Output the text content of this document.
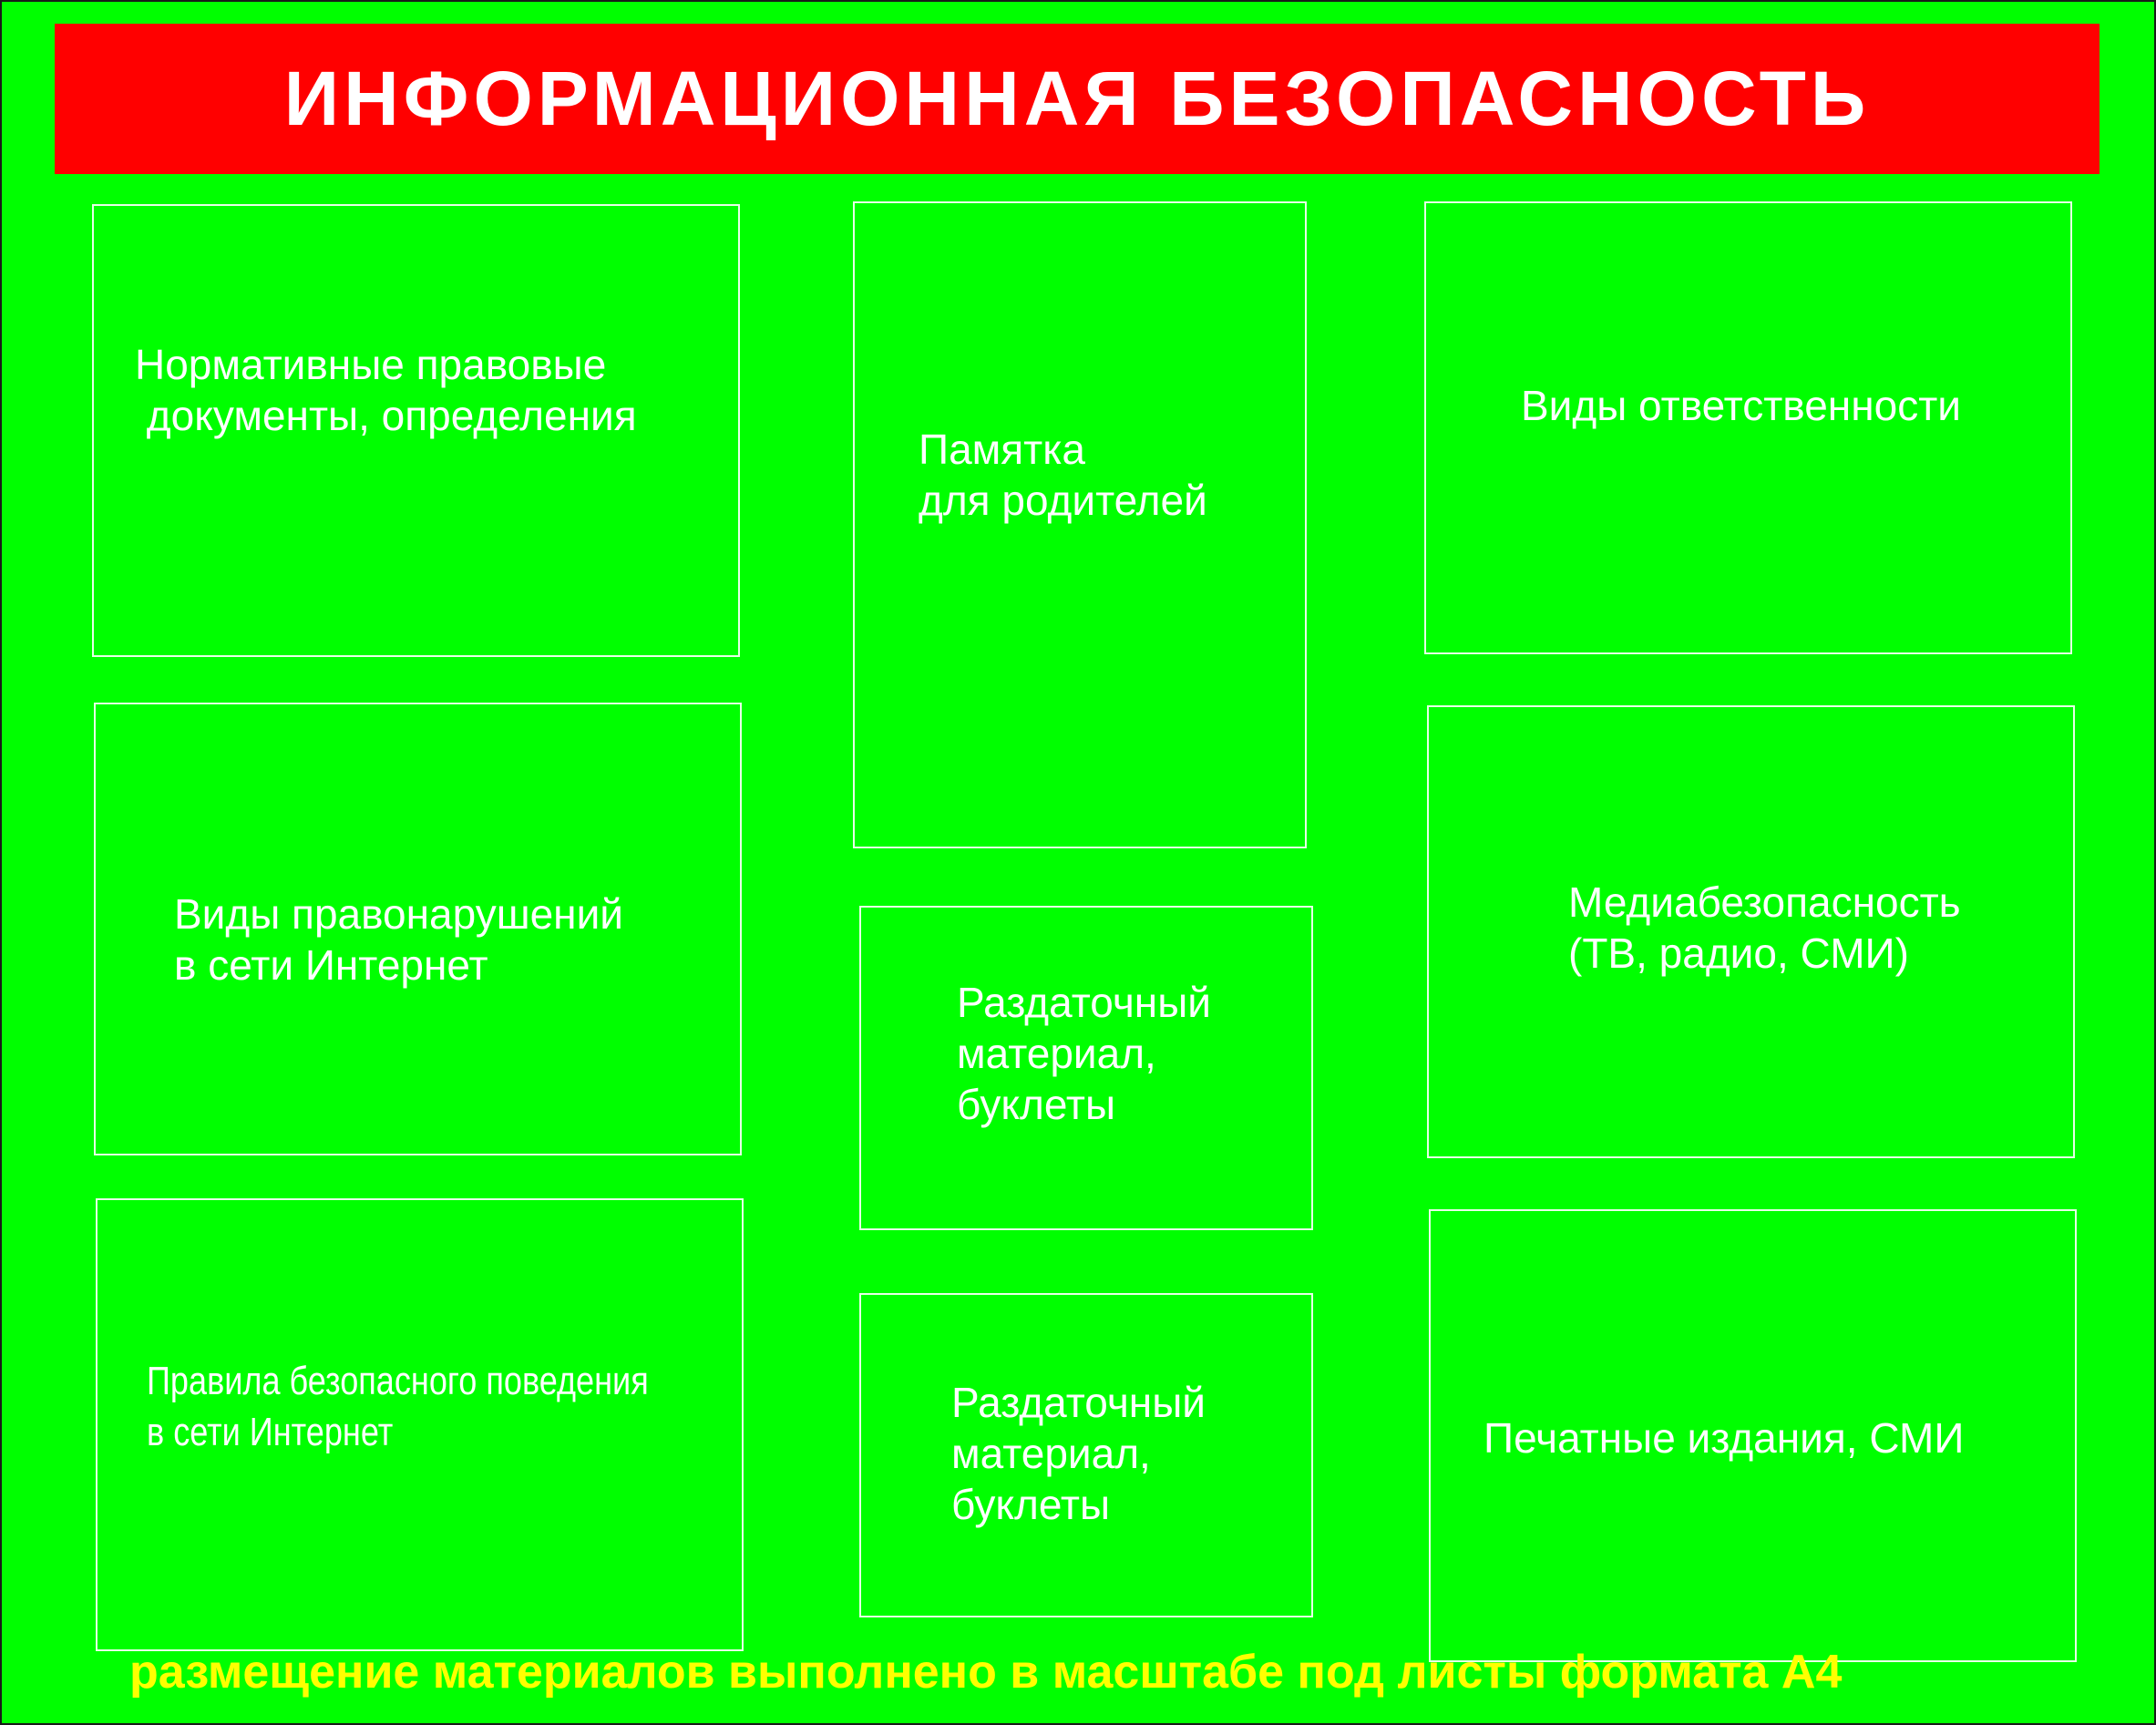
ИНФОРМАЦИОННАЯ БЕЗОПАСНОСТЬ
Нормативные правовые
документы, определения
Виды правонарушений
в сети Интернет
Правила безопасного поведения
в сети Интернет
Памятка
для родителей
Раздаточный
материал,
буклеты
Раздаточный
материал,
буклеты
Виды ответственности
Медиабезопасность
(ТВ, радио, СМИ)
Печатные издания, СМИ
размещение материалов выполнено в масштабе под листы формата А4
